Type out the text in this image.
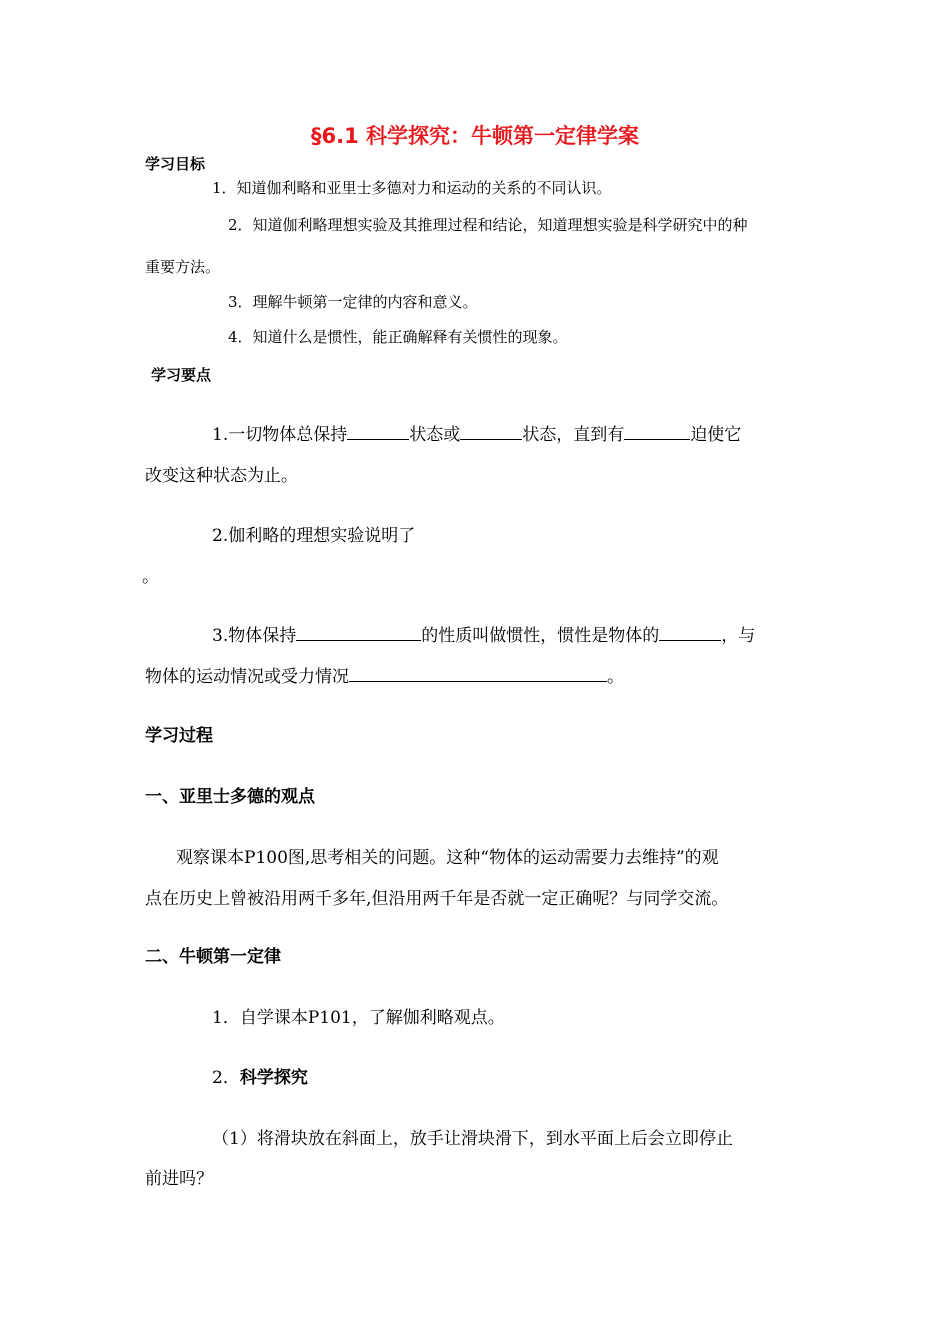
§6.1 科学探究：牛顿第一定律学案
学习目标
1．知道伽利略和亚里士多德对力和运动的关系的不同认识。
2．知道伽利略理想实验及其推理过程和结论，知道理想实验是科学研究中的种
重要方法。
3．理解牛顿第一定律的内容和意义。
4．知道什么是惯性，能正确解释有关惯性的现象。
学习要点
1.一切物体总保持	状态或	状态，直到有	迫使它
改变这种状态为止。
2.伽利略的理想实验说明了
。
3.物体保持	的性质叫做惯性，惯性是物体的	，与
物体的运动情况或受力情况	。
学习过程
一、亚里士多德的观点
观察课本P100图,思考相关的问题。这种“物体的运动需要力去维持”的观
点在历史上曾被沿用两千多年,但沿用两千年是否就一定正确呢？与同学交流。
二、牛顿第一定律
1．自学课本P101，了解伽利略观点。
2．科学探究
（1）将滑块放在斜面上，放手让滑块滑下，到水平面上后会立即停止
前进吗？
